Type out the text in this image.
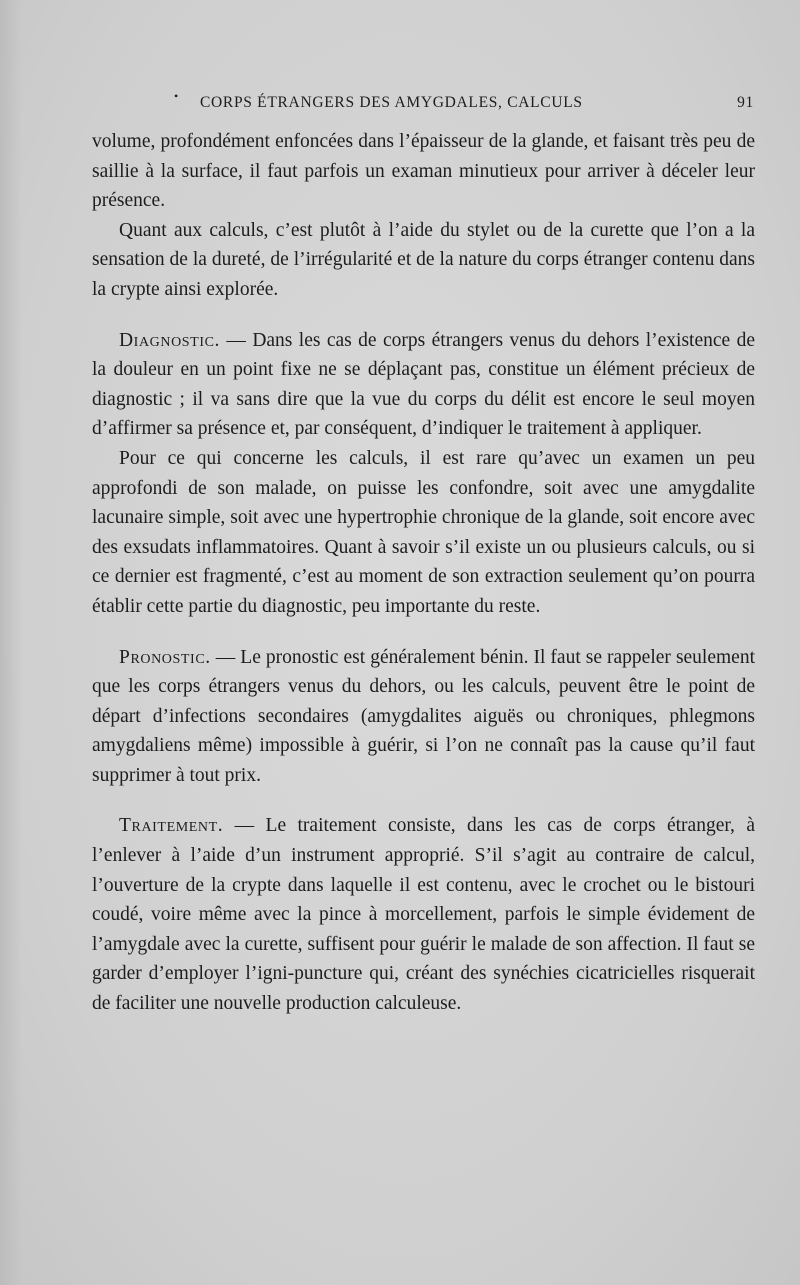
• CORPS ÉTRANGERS DES AMYGDALES, CALCULS	91

volume, profondément enfoncées dans l’épaisseur de la glande, et faisant très peu de saillie à la surface, il faut parfois un examan minutieux pour arriver à déceler leur présence.

Quant aux calculs, c’est plutôt à l’aide du stylet ou de la curette que l’on a la sensation de la dureté, de l’irrégularité et de la nature du corps étranger contenu dans la crypte ainsi explorée.

Diagnostic. — Dans les cas de corps étrangers venus du dehors l’existence de la douleur en un point fixe ne se déplaçant pas, constitue un élément précieux de diagnostic ; il va sans dire que la vue du corps du délit est encore le seul moyen d’affirmer sa présence et, par conséquent, d’indiquer le traitement à appliquer.

Pour ce qui concerne les calculs, il est rare qu’avec un examen un peu approfondi de son malade, on puisse les confondre, soit avec une amygdalite lacunaire simple, soit avec une hypertrophie chronique de la glande, soit encore avec des exsudats inflammatoires. Quant à savoir s’il existe un ou plusieurs calculs, ou si ce dernier est fragmenté, c’est au moment de son extraction seulement qu’on pourra établir cette partie du diagnostic, peu importante du reste.

Pronostic. — Le pronostic est généralement bénin. Il faut se rappeler seulement que les corps étrangers venus du dehors, ou les calculs, peuvent être le point de départ d’infections secondaires (amygdalites aiguës ou chroniques, phlegmons amygdaliens même) impossible à guérir, si l’on ne connaît pas la cause qu’il faut supprimer à tout prix.

Traitement. — Le traitement consiste, dans les cas de corps étranger, à l’enlever à l’aide d’un instrument approprié. S’il s’agit au contraire de calcul, l’ouverture de la crypte dans laquelle il est contenu, avec le crochet ou le bistouri coudé, voire même avec la pince à morcellement, parfois le simple évidement de l’amygdale avec la curette, suffisent pour guérir le malade de son affection. Il faut se garder d’employer l’igni-puncture qui, créant des synéchies cicatricielles risquerait de faciliter une nouvelle production calculeuse.
